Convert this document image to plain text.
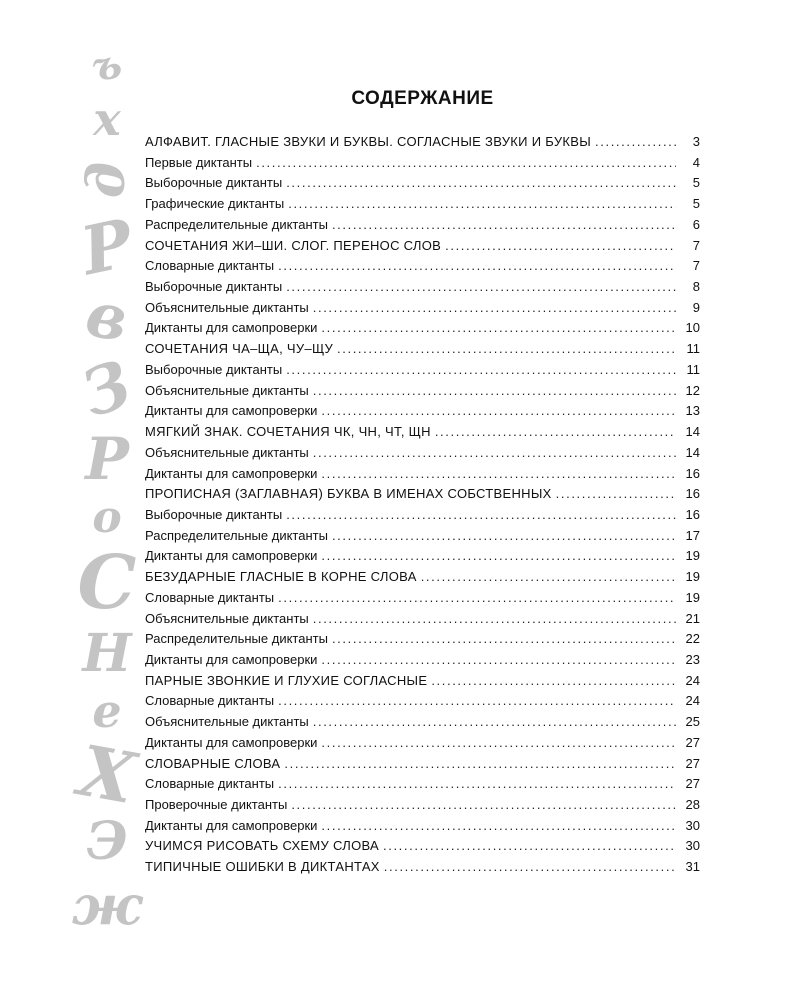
ъ
х
д
Р
в
З
Р
о
С
Н
е
Х
Э
ж
СОДЕРЖАНИЕ
АЛФАВИТ. ГЛАСНЫЕ ЗВУКИ И БУКВЫ. СОГЛАСНЫЕ ЗВУКИ И БУКВЫ . . .	3
Первые диктанты . . .	4
Выборочные диктанты . . .	5
Графические диктанты . . .	5
Распределительные диктанты . . .	6
СОЧЕТАНИЯ ЖИ–ШИ. СЛОГ. ПЕРЕНОС СЛОВ . . .	7
Словарные диктанты . . .	7
Выборочные диктанты . . .	8
Объяснительные диктанты . . .	9
Диктанты для самопроверки . . .	10
СОЧЕТАНИЯ ЧА–ЩА, ЧУ–ЩУ . . .	11
Выборочные диктанты . . .	11
Объяснительные диктанты . . .	12
Диктанты для самопроверки . . .	13
МЯГКИЙ ЗНАК. СОЧЕТАНИЯ ЧК, ЧН, ЧТ, ЩН . . .	14
Объяснительные диктанты . . .	14
Диктанты для самопроверки . . .	16
ПРОПИСНАЯ (ЗАГЛАВНАЯ) БУКВА В ИМЕНАХ СОБСТВЕННЫХ . . .	16
Выборочные диктанты . . .	16
Распределительные диктанты . . .	17
Диктанты для самопроверки . . .	19
БЕЗУДАРНЫЕ ГЛАСНЫЕ В КОРНЕ СЛОВА . . .	19
Словарные диктанты . . .	19
Объяснительные диктанты . . .	21
Распределительные диктанты . . .	22
Диктанты для самопроверки . . .	23
ПАРНЫЕ ЗВОНКИЕ И ГЛУХИЕ СОГЛАСНЫЕ . . .	24
Словарные диктанты . . .	24
Объяснительные диктанты . . .	25
Диктанты для самопроверки . . .	27
СЛОВАРНЫЕ СЛОВА . . .	27
Словарные диктанты . . .	27
Проверочные диктанты . . .	28
Диктанты для самопроверки . . .	30
УЧИМСЯ РИСОВАТЬ СХЕМУ СЛОВА . . .	30
ТИПИЧНЫЕ ОШИБКИ В ДИКТАНТАХ . . .	31
